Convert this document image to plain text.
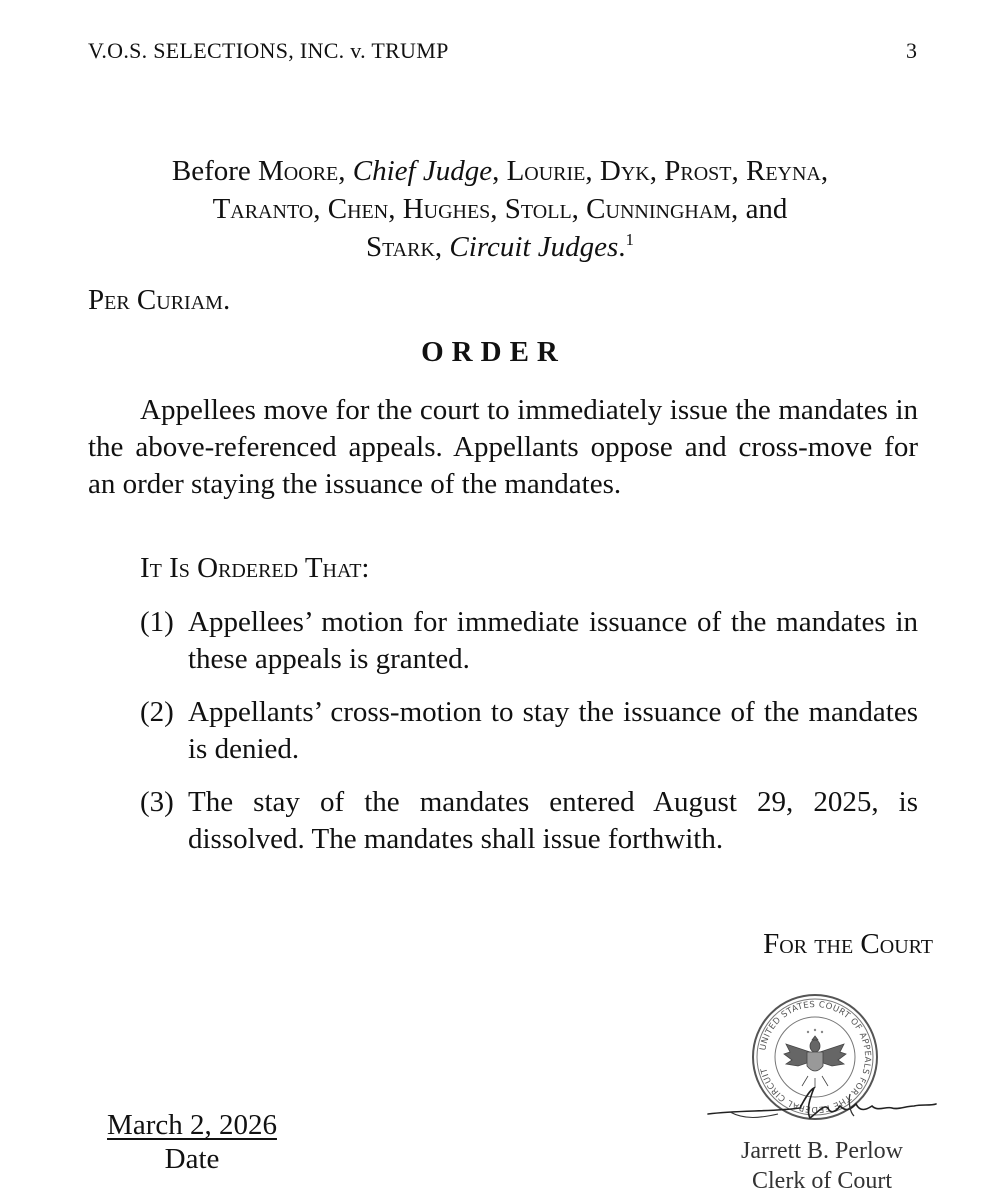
V.O.S. SELECTIONS, INC. v. TRUMP	3
Before Moore, Chief Judge, Lourie, Dyk, Prost, Reyna,
Taranto, Chen, Hughes, Stoll, Cunningham, and
Stark, Circuit Judges.$^1$
Per Curiam.
ORDER
Appellees move for the court to immediately issue the mandates in the above-referenced appeals. Appellants oppose and cross-move for an order staying the issuance of the mandates.
It Is Ordered That:
(1) Appellees’ motion for immediate issuance of the mandates in these appeals is granted.
(2) Appellants’ cross-motion to stay the issuance of the mandates is denied.
(3) The stay of the mandates entered August 29, 2025, is dissolved. The mandates shall issue forthwith.
For the Court
UNITED STATES COURT OF APPEALS FOR THE FEDERAL CIRCUIT
Jarrett B. Perlow
Clerk of Court
March 2, 2026
Date
